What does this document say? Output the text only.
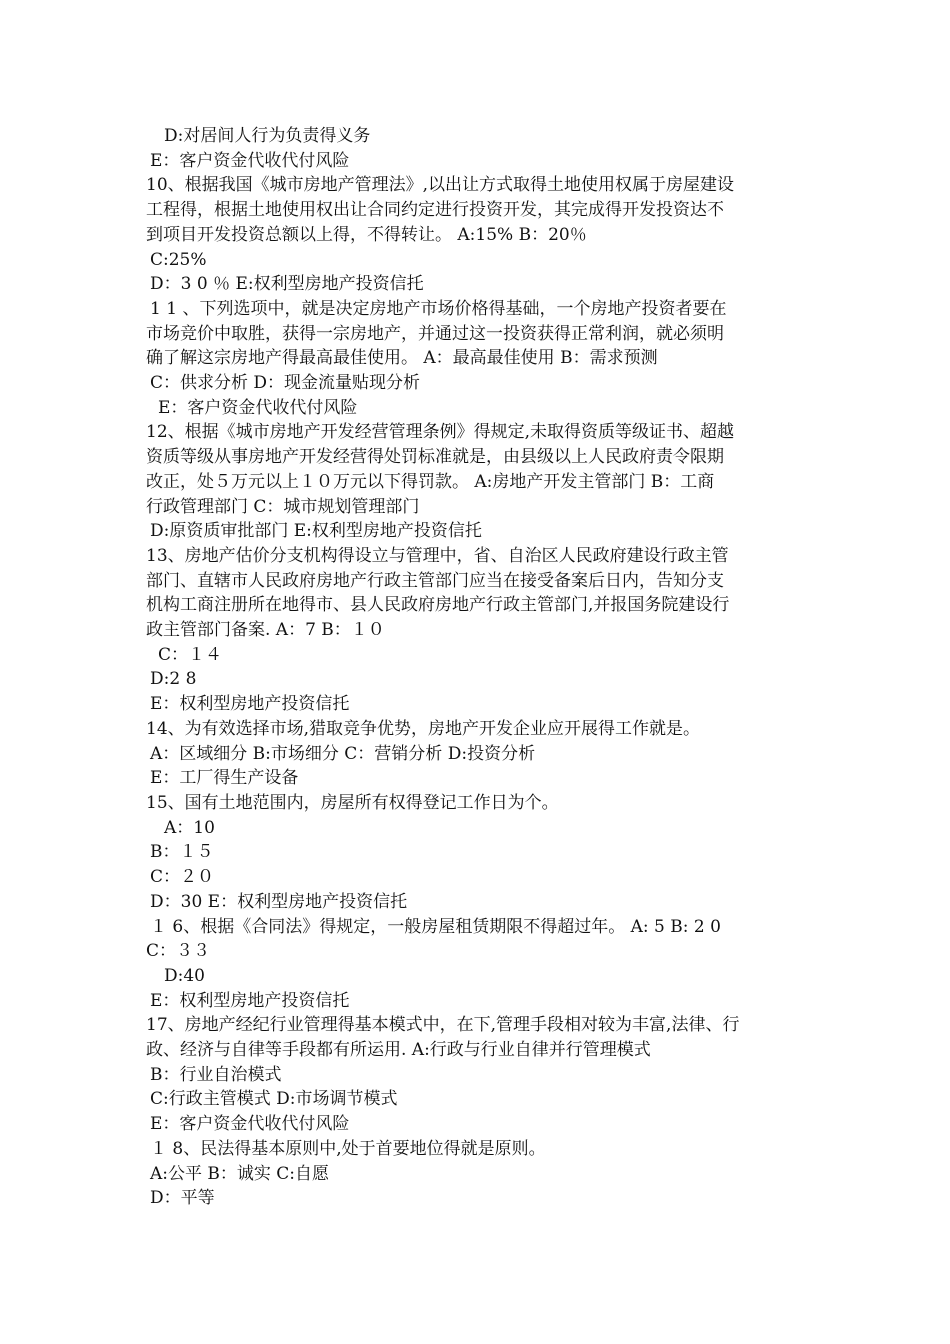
D:对居间人行为负责得义务
E：客户资金代收代付风险
10、根据我国《城市房地产管理法》,以出让方式取得土地使用权属于房屋建设
工程得，根据土地使用权出让合同约定进行投资开发，其完成得开发投资达不
到项目开发投资总额以上得，不得转让。 A:15% B：20％
C:25%
D：3 0 ％ E:权利型房地产投资信托
1 1 、下列选项中，就是决定房地产市场价格得基础，一个房地产投资者要在
市场竞价中取胜，获得一宗房地产，并通过这一投资获得正常利润，就必须明
确了解这宗房地产得最高最佳使用。 A：最高最佳使用 B：需求预测
C：供求分析 D：现金流量贴现分析
E：客户资金代收代付风险
12、根据《城市房地产开发经营管理条例》得规定,未取得资质等级证书、超越
资质等级从事房地产开发经营得处罚标准就是，由县级以上人民政府责令限期
改正，处５万元以上１０万元以下得罚款。 A:房地产开发主管部门 B：工商
行政管理部门 C：城市规划管理部门
D:原资质审批部门 E:权利型房地产投资信托
13、房地产估价分支机构得设立与管理中，省、自治区人民政府建设行政主管
部门、直辖市人民政府房地产行政主管部门应当在接受备案后日内，告知分支
机构工商注册所在地得市、县人民政府房地产行政主管部门,并报国务院建设行
政主管部门备案. A：7 B：１０
C：１４
D:2 8
E：权利型房地产投资信托
14、为有效选择市场,猎取竞争优势，房地产开发企业应开展得工作就是。
A：区域细分 B:市场细分 C：营销分析 D:投资分析
E：工厂得生产设备
15、国有土地范围内，房屋所有权得登记工作日为个。
A：10
B：１５
C：２０
D：30 E：权利型房地产投资信托
１ 6、根据《合同法》得规定，一般房屋租赁期限不得超过年。 A: 5 B: 2 0
C：３３
D:40
E：权利型房地产投资信托
17、房地产经纪行业管理得基本模式中，在下,管理手段相对较为丰富,法律、行
政、经济与自律等手段都有所运用. A:行政与行业自律并行管理模式
B：行业自治模式
C:行政主管模式 D:市场调节模式
E：客户资金代收代付风险
１ 8、民法得基本原则中,处于首要地位得就是原则。
A:公平 B：诚实 C:自愿
D：平等
